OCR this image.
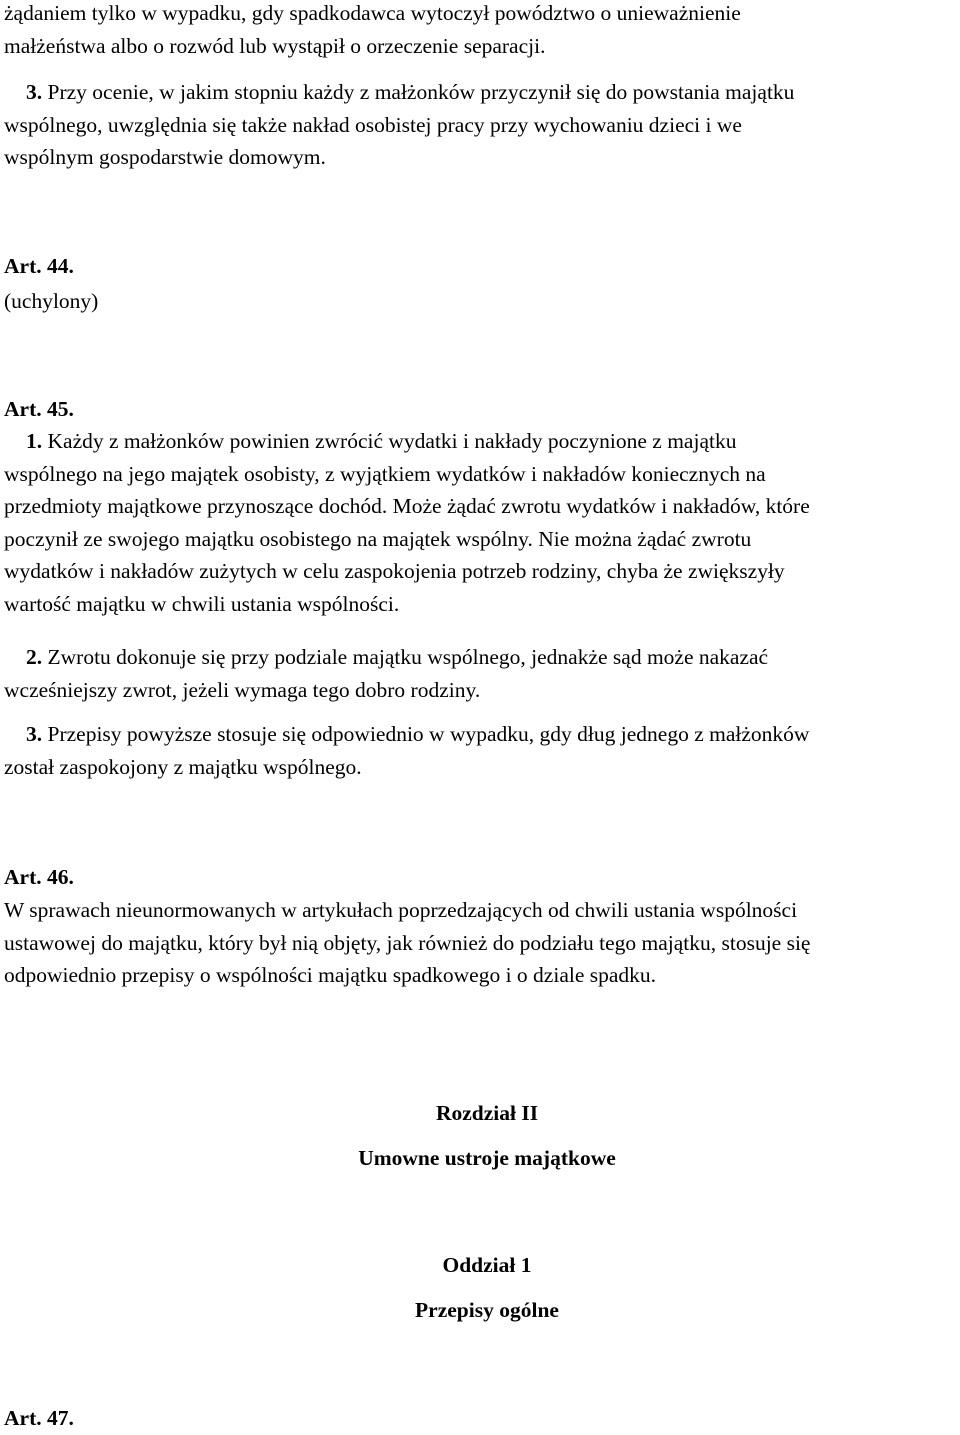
żądaniem tylko w wypadku, gdy spadkodawca wytoczył powództwo o unieważnienie
małżeństwa albo o rozwód lub wystąpił o orzeczenie separacji.

3. Przy ocenie, w jakim stopniu każdy z małżonków przyczynił się do powstania majątku
wspólnego, uwzględnia się także nakład osobistej pracy przy wychowaniu dzieci i we
wspólnym gospodarstwie domowym.

Art. 44.

(uchylony)

Art. 45.

1. Każdy z małżonków powinien zwrócić wydatki i nakłady poczynione z majątku
wspólnego na jego majątek osobisty, z wyjątkiem wydatków i nakładów koniecznych na
przedmioty majątkowe przynoszące dochód. Może żądać zwrotu wydatków i nakładów, które
poczynił ze swojego majątku osobistego na majątek wspólny. Nie można żądać zwrotu
wydatków i nakładów zużytych w celu zaspokojenia potrzeb rodziny, chyba że zwiększyły
wartość majątku w chwili ustania wspólności.

2. Zwrotu dokonuje się przy podziale majątku wspólnego, jednakże sąd może nakazać
wcześniejszy zwrot, jeżeli wymaga tego dobro rodziny.

3. Przepisy powyższe stosuje się odpowiednio w wypadku, gdy dług jednego z małżonków
został zaspokojony z majątku wspólnego.

Art. 46.

W sprawach nieunormowanych w artykułach poprzedzających od chwili ustania wspólności
ustawowej do majątku, który był nią objęty, jak również do podziału tego majątku, stosuje się
odpowiednio przepisy o wspólności majątku spadkowego i o dziale spadku.

Rozdział II

Umowne ustroje majątkowe

Oddział 1

Przepisy ogólne

Art. 47.
